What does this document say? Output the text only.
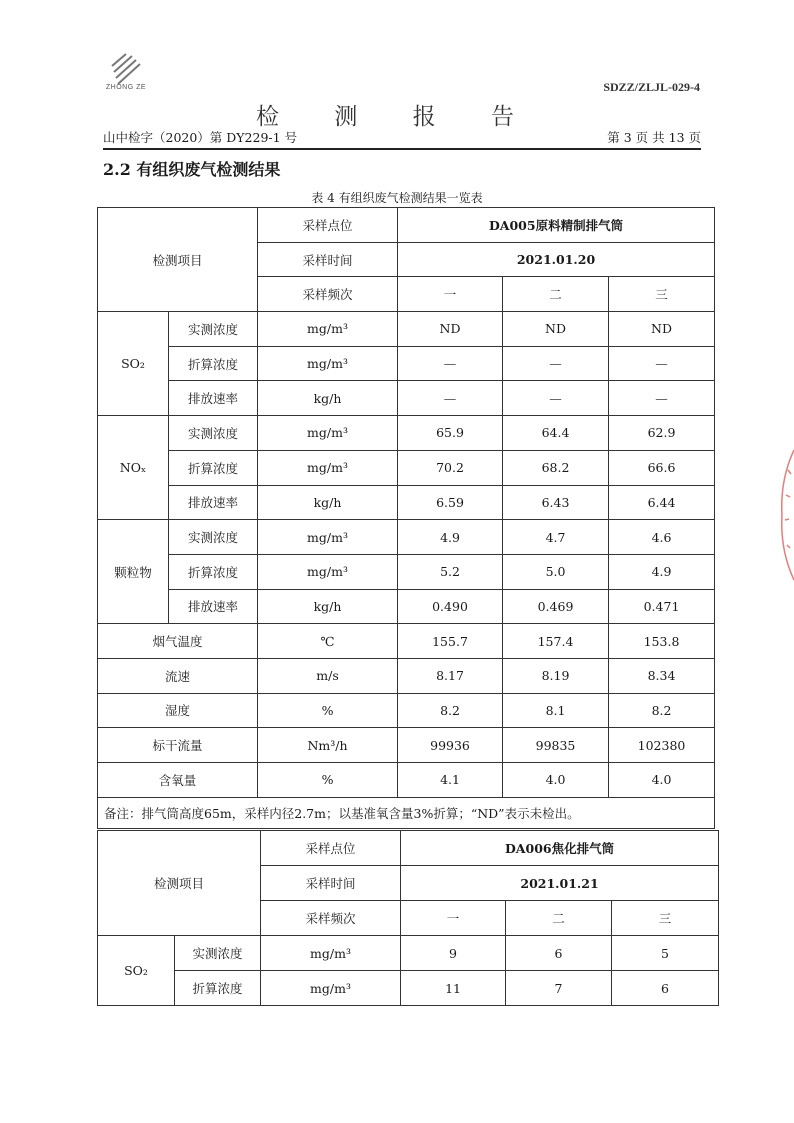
ZHONG ZE	SDZZ/ZLJL-029-4
检 测 报 告
山中检字（2020）第 DY229-1 号	第 3 页 共 13 页
2.2 有组织废气检测结果
表 4 有组织废气检测结果一览表
检测项目		采样点位	DA005原料精制排气筒		
		采样时间	2021.01.20		
		采样频次	一	二	三
SO₂	实测浓度	mg/m³	ND	ND	ND
	折算浓度	mg/m³	—	—	—
	排放速率	kg/h	—	—	—
NOₓ	实测浓度	mg/m³	65.9	64.4	62.9
	折算浓度	mg/m³	70.2	68.2	66.6
	排放速率	kg/h	6.59	6.43	6.44
颗粒物	实测浓度	mg/m³	4.9	4.7	4.6
	折算浓度	mg/m³	5.2	5.0	4.9
	排放速率	kg/h	0.490	0.469	0.471
烟气温度		℃	155.7	157.4	153.8
流速		m/s	8.17	8.19	8.34
湿度		%	8.2	8.1	8.2
标干流量		Nm³/h	99936	99835	102380
含氧量		%	4.1	4.0	4.0
备注：排气筒高度65m，采样内径2.7m；以基准氧含量3%折算；“ND”表示未检出。					
检测项目		采样点位	DA006焦化排气筒		
		采样时间	2021.01.21		
		采样频次	一	二	三
SO₂	实测浓度	mg/m³	9	6	5
	折算浓度	mg/m³	11	7	6
